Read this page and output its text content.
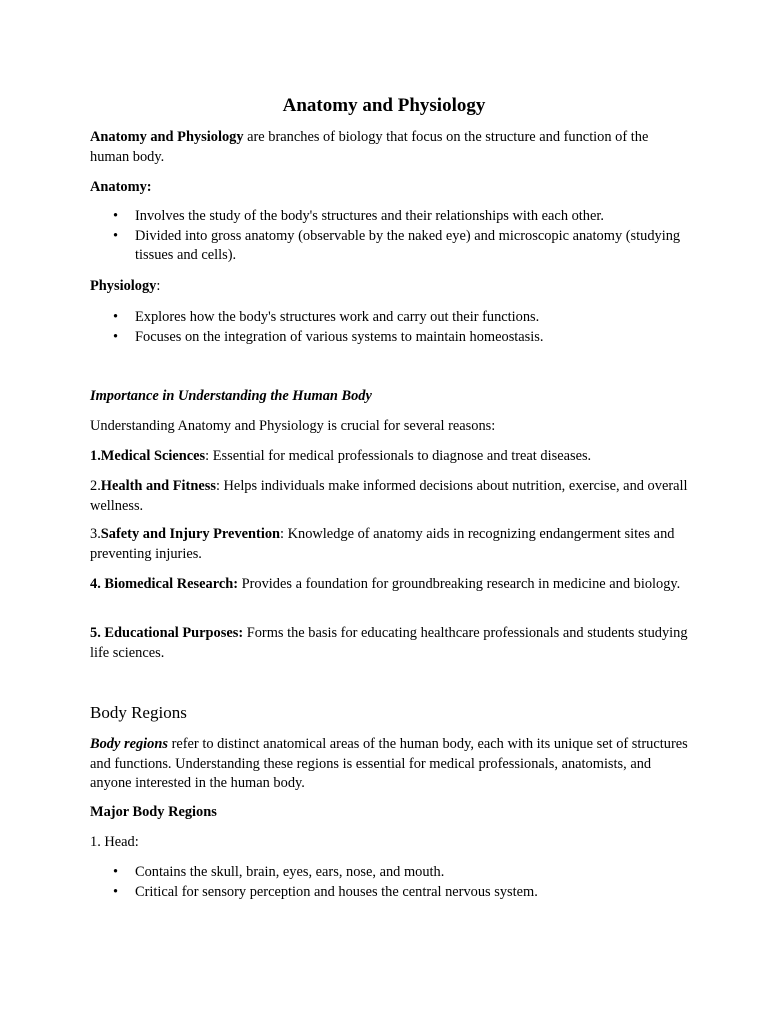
Anatomy and Physiology

Anatomy and Physiology are branches of biology that focus on the structure and function of the human body.

Anatomy:

• Involves the study of the body's structures and their relationships with each other.
• Divided into gross anatomy (observable by the naked eye) and microscopic anatomy (studying tissues and cells).

Physiology:

• Explores how the body's structures work and carry out their functions.
• Focuses on the integration of various systems to maintain homeostasis.

Importance in Understanding the Human Body

Understanding Anatomy and Physiology is crucial for several reasons:

1.Medical Sciences: Essential for medical professionals to diagnose and treat diseases.

2.Health and Fitness: Helps individuals make informed decisions about nutrition, exercise, and overall wellness.

3.Safety and Injury Prevention: Knowledge of anatomy aids in recognizing endangerment sites and preventing injuries.

4. Biomedical Research: Provides a foundation for groundbreaking research in medicine and biology.

5. Educational Purposes: Forms the basis for educating healthcare professionals and students studying life sciences.

Body Regions

Body regions refer to distinct anatomical areas of the human body, each with its unique set of structures and functions. Understanding these regions is essential for medical professionals, anatomists, and anyone interested in the human body.

Major Body Regions

1. Head:

• Contains the skull, brain, eyes, ears, nose, and mouth.
• Critical for sensory perception and houses the central nervous system.
